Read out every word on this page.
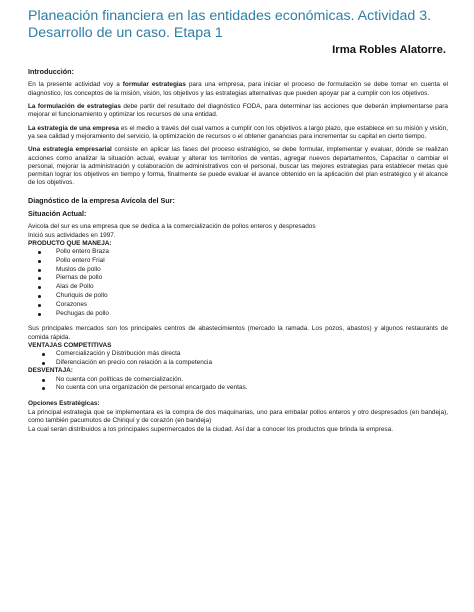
Planeación financiera en las entidades económicas. Actividad 3. Desarrollo de un caso. Etapa 1
Irma Robles Alatorre.
Introducción:

En la presente actividad voy a formular estrategias para una empresa, para iniciar el proceso de formulación se debe tomar en cuenta el diagnostico, los conceptos de la misión, visión, los objetivos y las estrategias alternativas que pueden apoyar par a cumplir con los objetivos.

La formulación de estrategias debe partir del resultado del diagnóstico FODA, para determinar las acciones que deberán implementarse para mejorar el funcionamiento y optimizar los recursos de una entidad.

La estrategia de una empresa es el medio a través del cual vamos a cumplir con los objetivos a largo plazo, que establece en su misión y visión, ya sea calidad y mejoramiento del servicio, la optimización de recursos o el obtener ganancias para incrementar su capital en cierto tiempo.

Una estrategia empresarial consiste en aplicar las fases del proceso estratégico, se debe formular, implementar y evaluar, dónde se realizan acciones como analizar la situación actual, evaluar y alterar los territorios de ventas, agregar nuevos departamentos, Capacitar o cambiar el personal, mejorar la administración y colaboración de administrativos con el personal, buscar las mejores estrategias para establecer metas que permitan lograr los objetivos en tiempo y forma, finalmente se puede evaluar el avance obtenido en la aplicación del plan estratégico y el alcance de los objetivos.

Diagnóstico de la empresa Avícola del Sur:
Situación Actual:
Avicola del sur es una empresa que se dedica a la comercialización de pollos enteros y despresados
Inició sus actividades en 1997.
PRODUCTO QUE MANEJA:
Pollo entero Braza
Pollo entero Frial
Muslos de pollo
Piernas de pollo
Alas de Pollo
Churiquis de pollo
Corazones
Pechugas de pollo

Sus principales mercados son los principales centros de abastecimientos (mercado la ramada. Los pozos, abastos) y algunos restaurants de comida rápida.

VENTAJAS COMPETITIVAS
Comercialización y Distribución más directa
Diferenciación en precio con relación a la competencia
DESVENTAJA:
No cuenta con políticas de comercialización.
No cuenta con una organización de personal encargado de ventas.
Opciones Estratégicas:

La principal estrategia que se implementara es la compra de dos maquinarias, uno para embalar pollos enteros y otro despresados (en bandeja), como también pacumutos de Chiriquí y de corazón (en bandeja)

La cual serán distribuidos a los principales supermercados de la ciudad. Así dar a conocer los productos que brinda la empresa.
